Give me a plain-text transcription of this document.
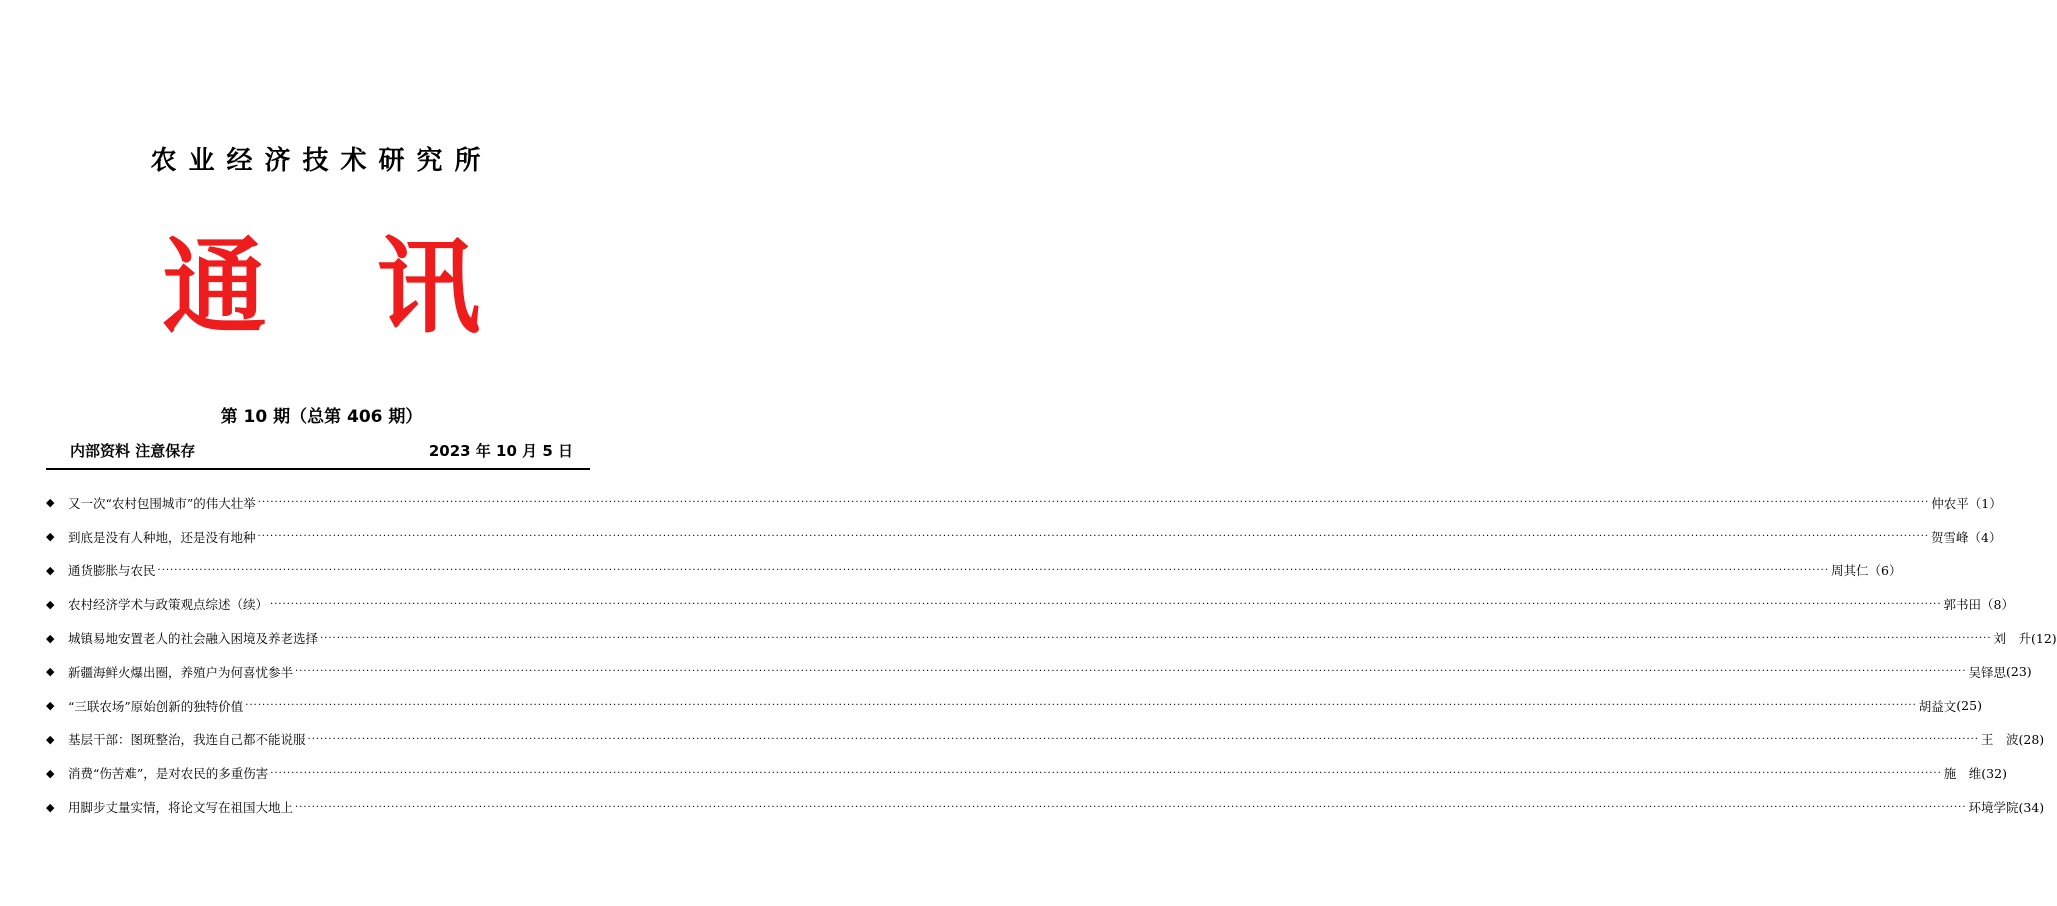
农业经济技术研究所
通 讯
第 10 期（总第 406 期）
内部资料 注意保存	2023 年 10 月 5 日
◆	又一次“农村包围城市”的伟大壮举 ················································································································································································································································································································································································································ 仲农平 （1）
◆	到底是没有人种地，还是没有地种 ················································································································································································································································································································································································································ 贺雪峰 （4）
◆	通货膨胀与农民 ················································································································································································································································································································································································································ 周其仁 （6）
◆	农村经济学术与政策观点综述（续） ················································································································································································································································································································································································································ 郭书田 （8）
◆	城镇易地安置老人的社会融入困境及养老选择 ················································································································································································································································································································································································································ 刘　升 (12)
◆	新疆海鲜火爆出圈，养殖户为何喜忧参半 ················································································································································································································································································································································································································ 吴铎思 (23)
◆	“三联农场”原始创新的独特价值 ················································································································································································································································································································································································································ 胡益文 (25)
◆	基层干部：图斑整治，我连自己都不能说服 ················································································································································································································································································································································································································ 王　波 (28)
◆	消费“伤苦难”，是对农民的多重伤害 ················································································································································································································································································································································································································ 施　维 (32)
◆	用脚步丈量实情，将论文写在祖国大地上 ················································································································································································································································································································································································································ 环境学院 (34)
